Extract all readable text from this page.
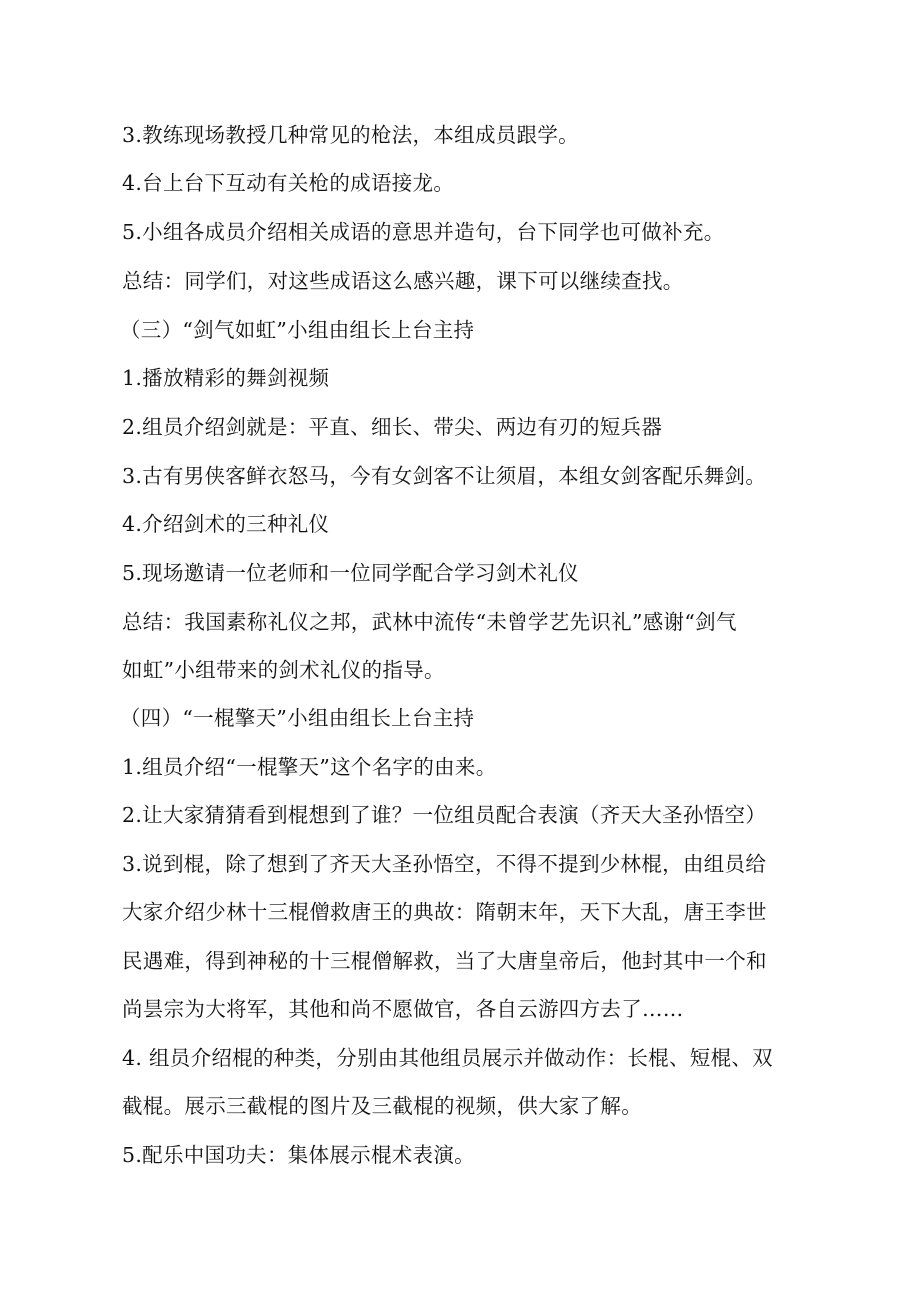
3.教练现场教授几种常见的枪法，本组成员跟学。
4.台上台下互动有关枪的成语接龙。
5.小组各成员介绍相关成语的意思并造句，台下同学也可做补充。
总结：同学们，对这些成语这么感兴趣，课下可以继续查找。
（三）“剑气如虹”小组由组长上台主持
1.播放精彩的舞剑视频
2.组员介绍剑就是：平直、细长、带尖、两边有刃的短兵器
3.古有男侠客鲜衣怒马，今有女剑客不让须眉，本组女剑客配乐舞剑。
4.介绍剑术的三种礼仪
5.现场邀请一位老师和一位同学配合学习剑术礼仪
总结：我国素称礼仪之邦，武林中流传“未曾学艺先识礼”感谢“剑气
如虹”小组带来的剑术礼仪的指导。
（四）“一棍擎天”小组由组长上台主持
1.组员介绍“一棍擎天”这个名字的由来。
2.让大家猜猜看到棍想到了谁？一位组员配合表演（齐天大圣孙悟空）
3.说到棍，除了想到了齐天大圣孙悟空，不得不提到少林棍，由组员给
大家介绍少林十三棍僧救唐王的典故：隋朝末年，天下大乱，唐王李世
民遇难，得到神秘的十三棍僧解救，当了大唐皇帝后，他封其中一个和
尚昙宗为大将军，其他和尚不愿做官，各自云游四方去了……
4. 组员介绍棍的种类，分别由其他组员展示并做动作：长棍、短棍、双
截棍。展示三截棍的图片及三截棍的视频，供大家了解。
5.配乐中国功夫：集体展示棍术表演。
